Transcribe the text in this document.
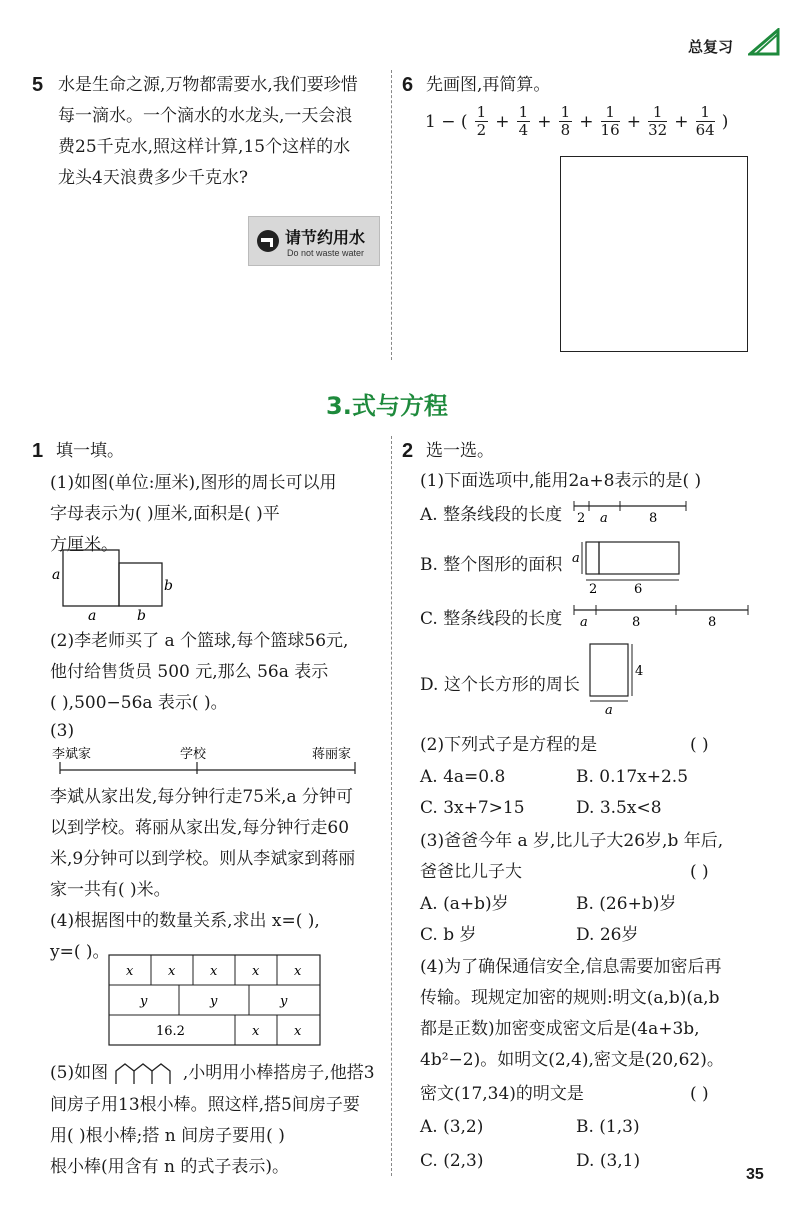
总复习
5 水是生命之源,万物都需要水,我们要珍惜
每一滴水。一个滴水的水龙头,一天会浪
费25千克水,照这样计算,15个这样的水
龙头4天浪费多少千克水?
请节约用水
Do not waste water
6 先画图,再简算。
1 − ( $\frac{1}{2} + \frac{1}{4} + \frac{1}{8} + \frac{1}{16} + \frac{1}{32} + \frac{1}{64}$ )
3.式与方程
1 填一填。
(1)如图(单位:厘米),图形的周长可以用
字母表示为( )厘米,面积是( )平
方厘米。
a
a	b
b
(2)李老师买了 a 个篮球,每个篮球56元,
他付给售货员 500 元,那么 56a 表示
( ),500−56a 表示( )。
(3)
李斌家	学校	蒋丽家
李斌从家出发,每分钟行走75米,a 分钟可
以到学校。蒋丽从家出发,每分钟行走60
米,9分钟可以到学校。则从李斌家到蒋丽
家一共有( )米。
(4)根据图中的数量关系,求出 x=( ),
y=( )。
x	x	x	x	x
y	y	y
16.2	x	x
(5)如图	,小明用小棒搭房子,他搭3
间房子用13根小棒。照这样,搭5间房子要
用( )根小棒;搭 n 间房子要用( )
根小棒(用含有 n 的式子表示)。
2 选一选。
(1)下面选项中,能用2a+8表示的是( )
A. 整条线段的长度 2 a	8
B. 整个图形的面积 a
2	6
C. 整条线段的长度 a	8	8
D. 这个长方形的周长
4
a
(2)下列式子是方程的是	( )
A. 4a=0.8	B. 0.17x+2.5
C. 3x+7>15	D. 3.5x<8
(3)爸爸今年 a 岁,比儿子大26岁,b 年后,
爸爸比儿子大	( )
A. (a+b)岁	B. (26+b)岁
C. b 岁	D. 26岁
(4)为了确保通信安全,信息需要加密后再
传输。现规定加密的规则:明文(a,b)(a,b
都是正数)加密变成密文后是(4a+3b,
4b²−2)。如明文(2,4),密文是(20,62)。
密文(17,34)的明文是	( )
A. (3,2)	B. (1,3)
C. (2,3)	D. (3,1)
35
